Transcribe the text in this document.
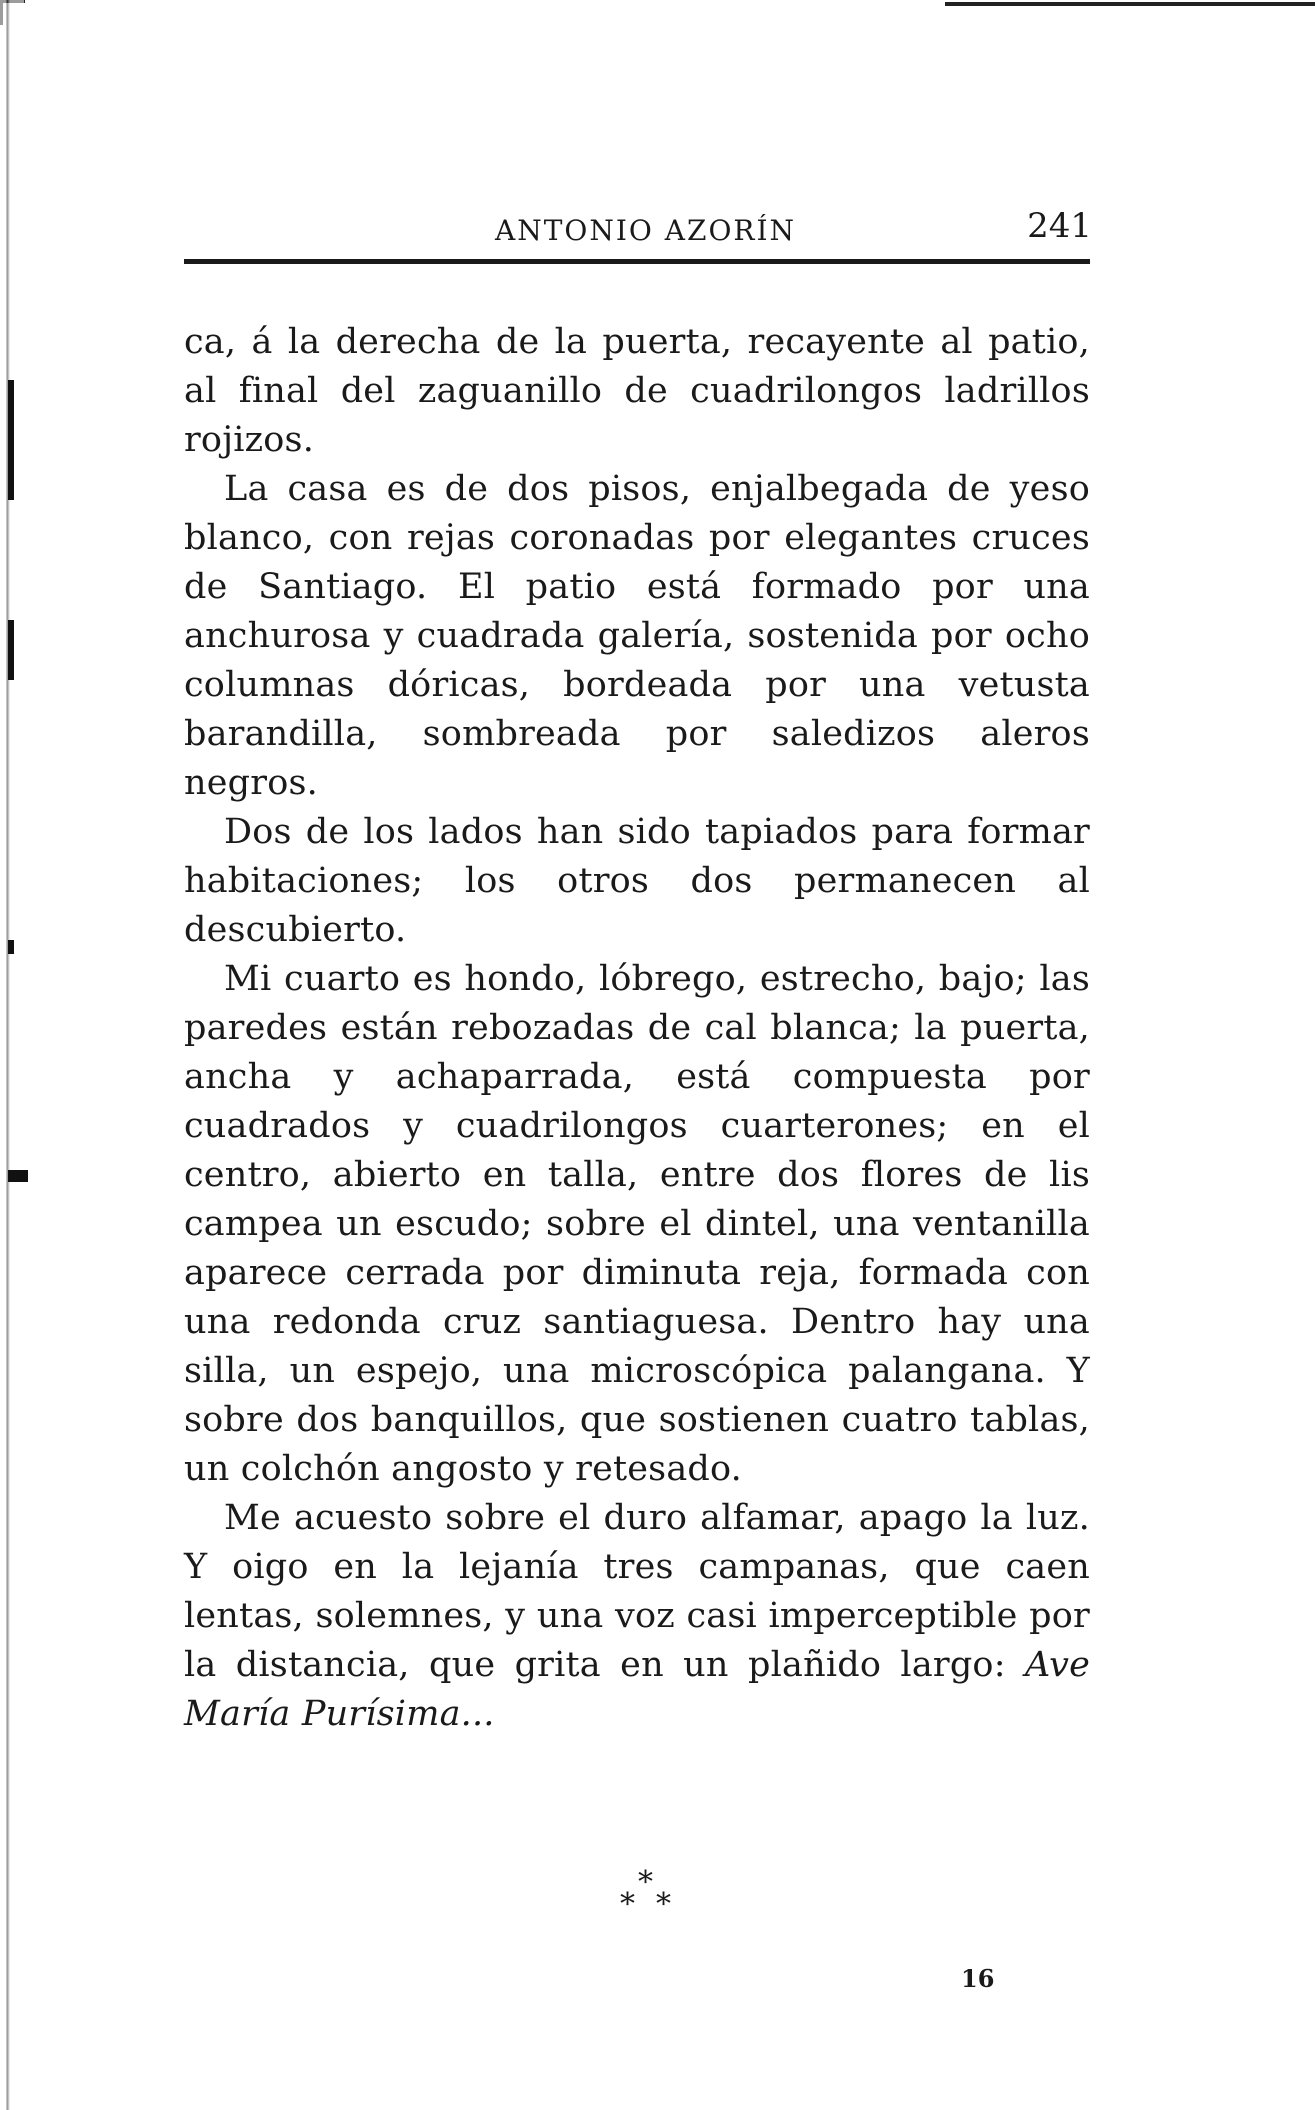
ANTONIO AZORÍN	241

ca, á la derecha de la puerta, recayente al patio, al final del zaguanillo de cuadrilongos ladrillos rojizos.

La casa es de dos pisos, enjalbegada de yeso blanco, con rejas coronadas por elegantes cruces de Santiago. El patio está formado por una anchurosa y cuadrada galería, sostenida por ocho columnas dóricas, bordeada por una vetusta barandilla, sombreada por saledizos aleros negros.

Dos de los lados han sido tapiados para formar habitaciones; los otros dos permanecen al descubierto.

Mi cuarto es hondo, lóbrego, estrecho, bajo; las paredes están rebozadas de cal blanca; la puerta, ancha y achaparrada, está compuesta por cuadrados y cuadrilongos cuarterones; en el centro, abierto en talla, entre dos flores de lis campea un escudo; sobre el dintel, una ventanilla aparece cerrada por diminuta reja, formada con una redonda cruz santiaguesa. Dentro hay una silla, un espejo, una microscópica palangana. Y sobre dos banquillos, que sostienen cuatro tablas, un colchón angosto y retesado.

Me acuesto sobre el duro alfamar, apago la luz. Y oigo en la lejanía tres campanas, que caen lentas, solemnes, y una voz casi imperceptible por la distancia, que grita en un plañido largo: Ave María Purísima...

*
* *
16
